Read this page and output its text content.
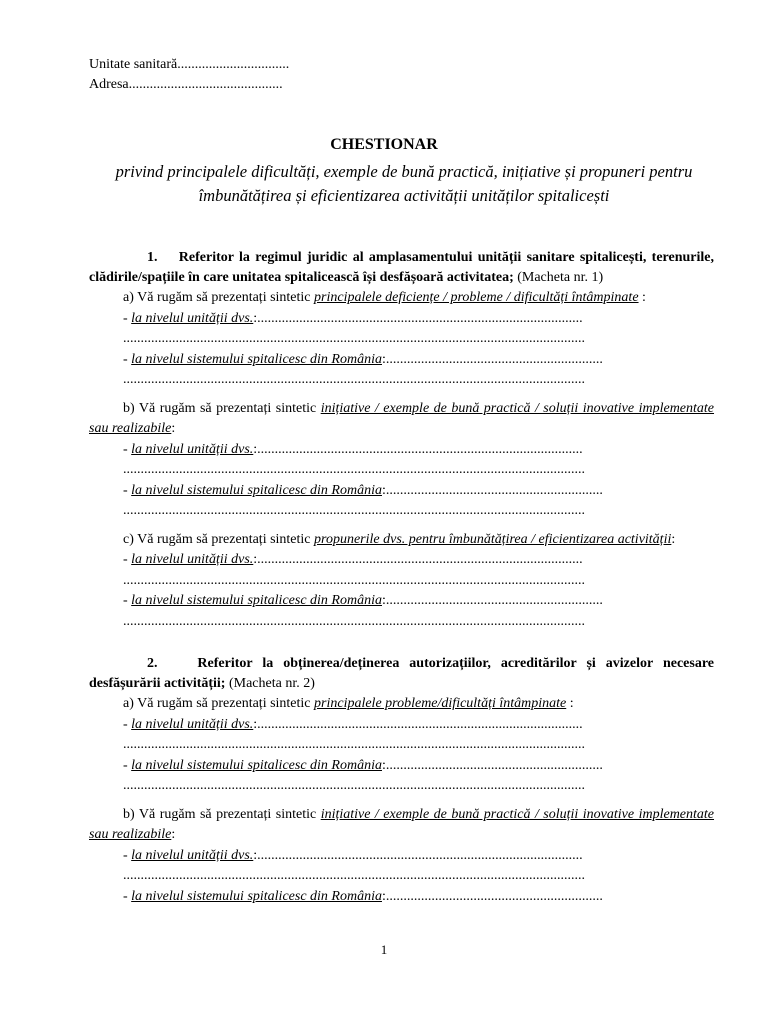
Unitate sanitară................................
Adresa............................................
CHESTIONAR
privind principalele dificultăți, exemple de bună practică, inițiative și propuneri pentru îmbunătățirea și eficientizarea activității unităților spitalicești
1. Referitor la regimul juridic al amplasamentului unității sanitare spitalicești, terenurile, clădirile/spațiile în care unitatea spitalicească își desfășoară activitatea; (Macheta nr. 1)
a) Vă rugăm să prezentați sintetic principalele deficiențe / probleme / dificultăți întâmpinate :
- la nivelul unității dvs.:.............................................................................................
....................................................................................................................................
- la nivelul sistemului spitalicesc din România:..............................................................
....................................................................................................................................
b) Vă rugăm să prezentați sintetic inițiative / exemple de bună practică / soluții inovative implementate sau realizabile:
- la nivelul unității dvs.:.............................................................................................
....................................................................................................................................
- la nivelul sistemului spitalicesc din România:..............................................................
....................................................................................................................................
c) Vă rugăm să prezentați sintetic propunerile dvs. pentru îmbunătățirea / eficientizarea activității:
- la nivelul unității dvs.:.............................................................................................
....................................................................................................................................
- la nivelul sistemului spitalicesc din România:..............................................................
....................................................................................................................................
2.	Referitor la obținerea/deținerea autorizațiilor, acreditărilor și avizelor necesare desfășurării activității; (Macheta nr. 2)
a) Vă rugăm să prezentați sintetic principalele probleme/dificultăți întâmpinate :
- la nivelul unității dvs.:.............................................................................................
....................................................................................................................................
- la nivelul sistemului spitalicesc din România:..............................................................
....................................................................................................................................
b) Vă rugăm să prezentați sintetic inițiative / exemple de bună practică / soluții inovative implementate sau realizabile:
- la nivelul unității dvs.:.............................................................................................
....................................................................................................................................
- la nivelul sistemului spitalicesc din România:..............................................................
1
